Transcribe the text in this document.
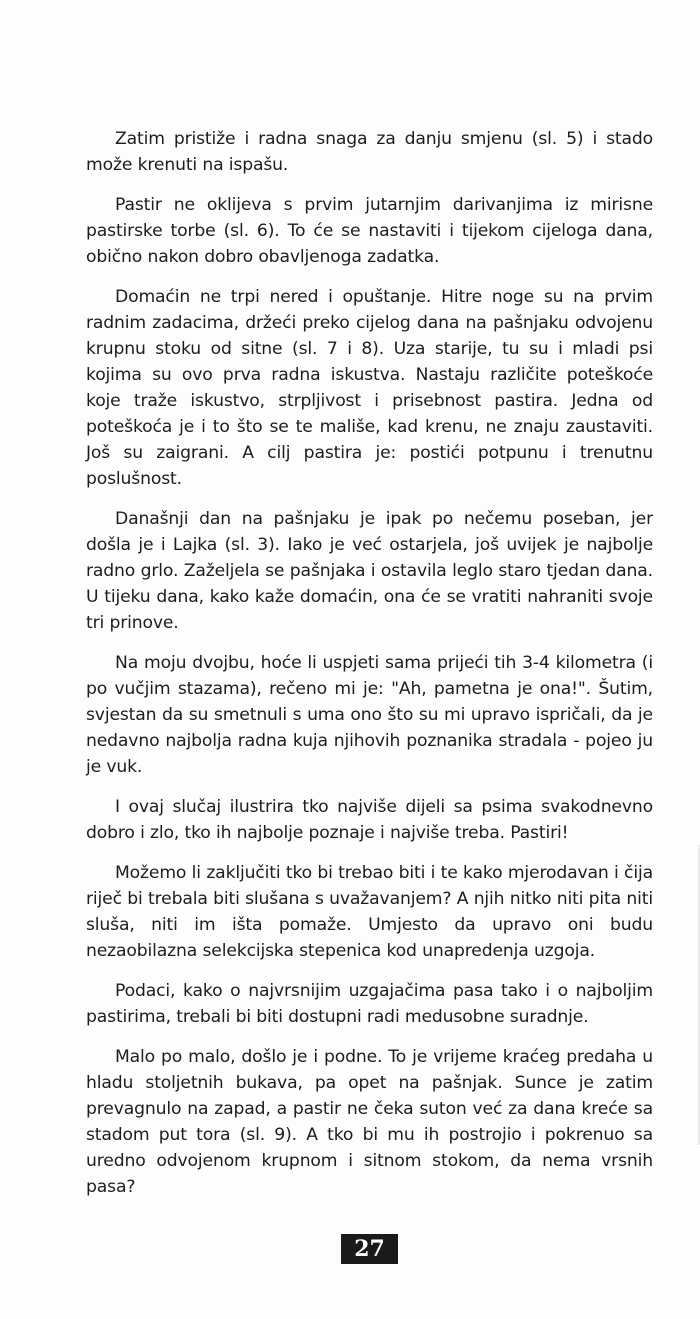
Zatim pristiže i radna snaga za danju smjenu (sl. 5) i stado može krenuti na ispašu.

Pastir ne oklijeva s prvim jutarnjim darivanjima iz mirisne pastirske torbe (sl. 6). To će se nastaviti i tijekom cijeloga dana, obično nakon dobro obavljenoga zadatka.

Domaćin ne trpi nered i opuštanje. Hitre noge su na prvim radnim zadacima, držeći preko cijelog dana na pašnjaku odvojenu krupnu stoku od sitne (sl. 7 i 8). Uza starije, tu su i mladi psi kojima su ovo prva radna iskustva. Nastaju različite poteškoće koje traže iskustvo, strpljivost i prisebnost pastira. Jedna od poteškoća je i to što se te mališe, kad krenu, ne znaju zaustaviti. Još su zaigrani. A cilj pastira je: postići potpunu i trenutnu poslušnost.

Današnji dan na pašnjaku je ipak po nečemu poseban, jer došla je i Lajka (sl. 3). Iako je već ostarjela, još uvijek je najbolje radno grlo. Zaželjela se pašnjaka i ostavila leglo staro tjedan dana. U tijeku dana, kako kaže domaćin, ona će se vratiti nahraniti svoje tri prinove.

Na moju dvojbu, hoće li uspjeti sama prijeći tih 3-4 kilometra (i po vučjim stazama), rečeno mi je: "Ah, pametna je ona!". Šutim, svjestan da su smetnuli s uma ono što su mi upravo ispričali, da je nedavno najbolja radna kuja njihovih poznanika stradala - pojeo ju je vuk.

I ovaj slučaj ilustrira tko najviše dijeli sa psima svakodnevno dobro i zlo, tko ih najbolje poznaje i najviše treba. Pastiri!

Možemo li zaključiti tko bi trebao biti i te kako mjerodavan i čija riječ bi trebala biti slušana s uvažavanjem? A njih nitko niti pita niti sluša, niti im išta pomaže. Umjesto da upravo oni budu nezaobilazna selekcijska stepenica kod unapredenja uzgoja.

Podaci, kako o najvrsnijim uzgajačima pasa tako i o najboljim pastirima, trebali bi biti dostupni radi medusobne suradnje.

Malo po malo, došlo je i podne. To je vrijeme kraćeg predaha u hladu stoljetnih bukava, pa opet na pašnjak. Sunce je zatim prevagnulo na zapad, a pastir ne čeka suton već za dana kreće sa stadom put tora (sl. 9). A tko bi mu ih postrojio i pokrenuo sa uredno odvojenom krupnom i sitnom stokom, da nema vrsnih pasa?

27
